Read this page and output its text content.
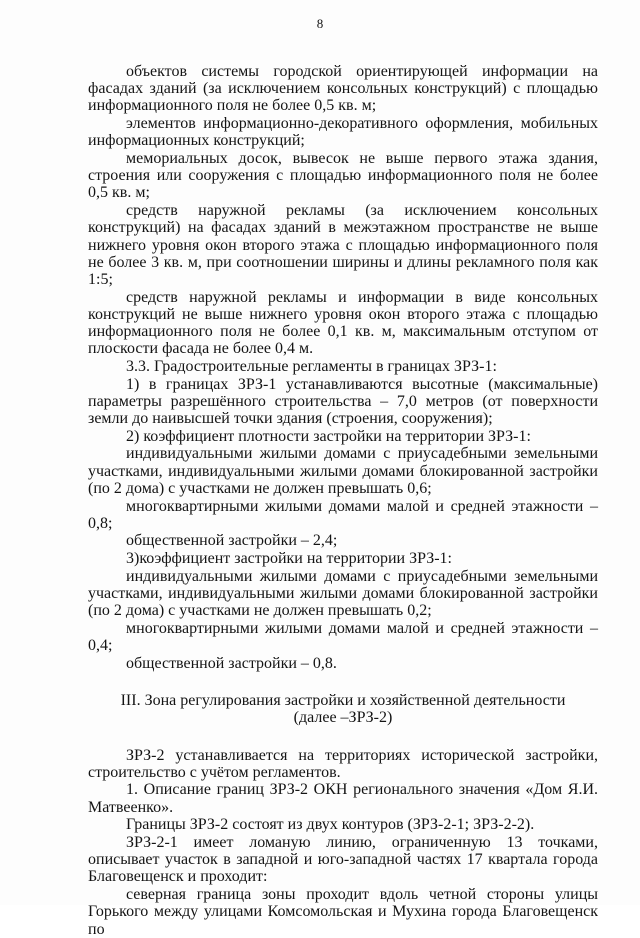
8

объектов системы городской ориентирующей информации на фасадах зданий (за исключением консольных конструкций) с площадью информационного поля не более 0,5 кв. м;

элементов информационно-декоративного оформления, мобильных информационных конструкций;

мемориальных досок, вывесок не выше первого этажа здания, строения или сооружения с площадью информационного поля не более 0,5 кв. м;

средств наружной рекламы (за исключением консольных конструкций) на фасадах зданий в межэтажном пространстве не выше нижнего уровня окон второго этажа с площадью информационного поля не более 3 кв. м, при соотношении ширины и длины рекламного поля как 1:5;

средств наружной рекламы и информации в виде консольных конструкций не выше нижнего уровня окон второго этажа с площадью информационного поля не более 0,1 кв. м, максимальным отступом от плоскости фасада не более 0,4 м.

3.3. Градостроительные регламенты в границах ЗРЗ-1:

1) в границах ЗРЗ-1 устанавливаются высотные (максимальные) параметры разрешённого строительства – 7,0 метров (от поверхности земли до наивысшей точки здания (строения, сооружения);

2) коэффициент плотности застройки на территории ЗРЗ-1:

индивидуальными жилыми домами с приусадебными земельными участками, индивидуальными жилыми домами блокированной застройки (по 2 дома) с участками не должен превышать 0,6;

многоквартирными жилыми домами малой и средней этажности – 0,8;

общественной застройки – 2,4;

3)коэффициент застройки на территории ЗРЗ-1:

индивидуальными жилыми домами с приусадебными земельными участками, индивидуальными жилыми домами блокированной застройки (по 2 дома) с участками не должен превышать 0,2;

многоквартирными жилыми домами малой и средней этажности – 0,4;

общественной застройки – 0,8.

III. Зона регулирования застройки и хозяйственной деятельности
(далее –ЗРЗ-2)

ЗРЗ-2 устанавливается на территориях исторической застройки, строительство с учётом регламентов.

1. Описание границ ЗРЗ-2 ОКН регионального значения «Дом Я.И. Матвеенко».

Границы ЗРЗ-2 состоят из двух контуров (ЗРЗ-2-1; ЗРЗ-2-2).

ЗРЗ-2-1 имеет ломаную линию, ограниченную 13 точками, описывает участок в западной и юго-западной частях 17 квартала города Благовещенск и проходит:

северная граница зоны проходит вдоль четной стороны улицы Горького между улицами Комсомольская и Мухина города Благовещенск по
